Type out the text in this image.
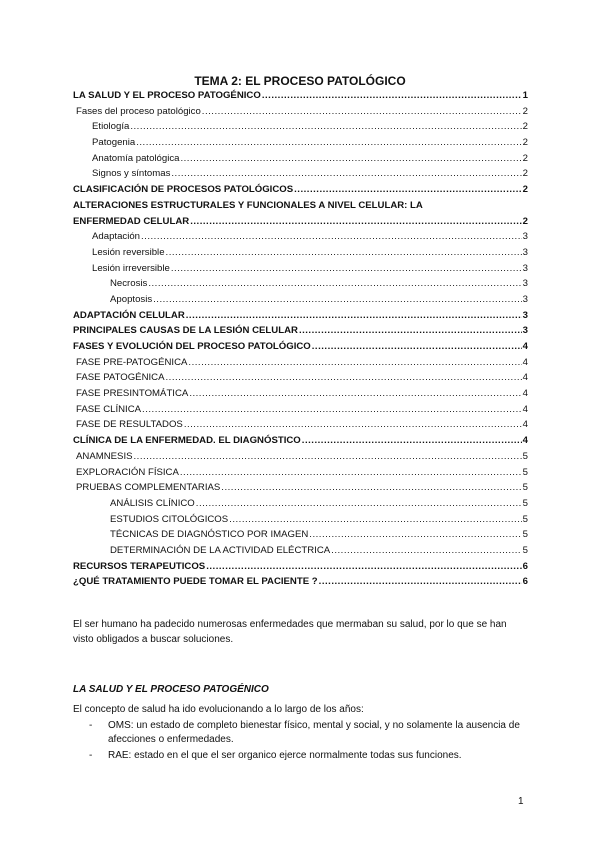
TEMA 2: EL PROCESO PATOLÓGICO
LA SALUD Y EL PROCESO PATOGÉNICO .....	1
Fases del proceso patológico .....	2
Etiología .....	2
Patogenia .....	2
Anatomía patológica .....	2
Signos y síntomas .....	2
CLASIFICACIÓN DE PROCESOS PATOLÓGICOS .....	2
ALTERACIONES ESTRUCTURALES Y FUNCIONALES A NIVEL CELULAR: LA
ENFERMEDAD CELULAR .....	2
Adaptación .....	3
Lesión reversible .....	3
Lesión irreversible .....	3
Necrosis .....	3
Apoptosis .....	3
ADAPTACIÓN CELULAR .....	3
PRINCIPALES CAUSAS DE LA LESIÓN CELULAR .....	3
FASES Y EVOLUCIÓN DEL PROCESO PATOLÓGICO .....	4
FASE PRE-PATOGÉNICA .....	4
FASE PATOGÉNICA .....	4
FASE PRESINTOMÁTICA .....	4
FASE CLÍNICA .....	4
FASE DE RESULTADOS .....	4
CLÍNICA DE LA ENFERMEDAD. EL DIAGNÓSTICO .....	4
ANAMNESIS .....	5
EXPLORACIÓN FÍSICA .....	5
PRUEBAS COMPLEMENTARIAS .....	5
ANÁLISIS CLÍNICO .....	5
ESTUDIOS CITOLÓGICOS .....	5
TÉCNICAS DE DIAGNÓSTICO POR IMAGEN .....	5
DETERMINACIÓN DE LA ACTIVIDAD ELÉCTRICA .....	5
RECURSOS TERAPEUTICOS .....	6
¿QUÉ TRATAMIENTO PUEDE TOMAR EL PACIENTE ? .....	6
El ser humano ha padecido numerosas enfermedades que mermaban su salud, por lo que se han visto obligados a buscar soluciones.
LA SALUD Y EL PROCESO PATOGÉNICO
El concepto de salud ha ido evolucionando a lo largo de los años:
- OMS: un estado de completo bienestar físico, mental y social, y no solamente la ausencia de afecciones o enfermedades.
- RAE: estado en el que el ser organico ejerce normalmente todas sus funciones.
1
